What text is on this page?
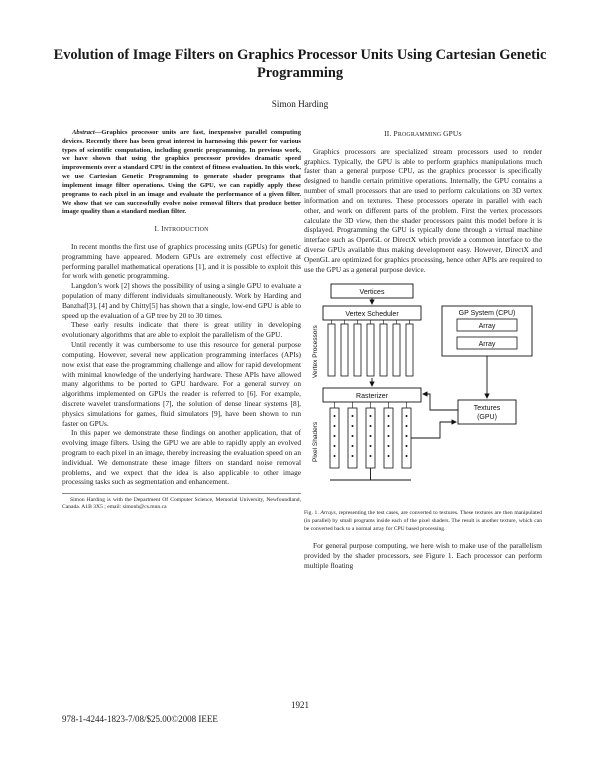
Evolution of Image Filters on Graphics Processor Units Using Cartesian Genetic Programming
Simon Harding

Abstract—Graphics processor units are fast, inexpensive parallel computing devices. Recently there has been great interest in harnessing this power for various types of scientific computation, including genetic programming. In previous work, we have shown that using the graphics processor provides dramatic speed improvements over a standard CPU in the context of fitness evaluation. In this work, we use Cartesian Genetic Programming to generate shader programs that implement image filter operations. Using the GPU, we can rapidly apply these programs to each pixel in an image and evaluate the performance of a given filter. We show that we can successfully evolve noise removal filters that produce better image quality than a standard median filter.

I. INTRODUCTION

In recent months the first use of graphics processing units (GPUs) for genetic programming have appeared. Modern GPUs are extremely cost effective at performing parallel mathematical operations [1], and it is possible to exploit this for work with genetic programming.

Langdon’s work [2] shows the possibility of using a single GPU to evaluate a population of many different individuals simultaneously. Work by Harding and Banzhaf[3], [4] and by Chitty[5] has shown that a single, low-end GPU is able to speed up the evaluation of a GP tree by 20 to 30 times.

These early results indicate that there is great utility in developing evolutionary algorithms that are able to exploit the parallelism of the GPU.

Until recently it was cumbersome to use this resource for general purpose computing. However, several new application programming interfaces (APIs) now exist that ease the programming challenge and allow for rapid development with minimal knowledge of the underlying hardware. These APIs have allowed many algorithms to be ported to GPU hardware. For a general survey on algorithms implemented on GPUs the reader is referred to [6]. For example, discrete wavelet transformations [7], the solution of dense linear systems [8], physics simulations for games, fluid simulators [9], have been shown to run faster on GPUs.

In this paper we demonstrate these findings on another application, that of evolving image filters. Using the GPU we are able to rapidly apply an evolved program to each pixel in an image, thereby increasing the evaluation speed on an individual. We demonstrate these image filters on standard noise removal problems, and we expect that the idea is also applicable to other image processing tasks such as segmentation and enhancement.

Simon Harding is with the Department Of Computer Science, Memorial University, Newfoundland, Canada. A1B 3X5 ; email: simonh@cs.mun.ca

II. PROGRAMMING GPUS

Graphics processors are specialized stream processors used to render graphics. Typically, the GPU is able to perform graphics manipulations much faster than a general purpose CPU, as the graphics processor is specifically designed to handle certain primitive operations. Internally, the GPU contains a number of small processors that are used to perform calculations on 3D vertex information and on textures. These processors operate in parallel with each other, and work on different parts of the problem. First the vertex processors calculate the 3D view, then the shader processors paint this model before it is displayed. Programming the GPU is typically done through a virtual machine interface such as OpenGL or DirectX which provide a common interface to the diverse GPUs available thus making development easy. However, DirectX and OpenGL are optimized for graphics processing, hence other APIs are required to use the GPU as a general purpose device.

Vertices
Vertex Scheduler
Vertex Processors
Rasterizer
Pixel Shaders
GP System (CPU)
Array
Array
Textures
(GPU)

Fig. 1. Arrays, representing the test cases, are converted to textures. These textures are then manipulated (in parallel) by small programs inside each of the pixel shaders. The result is another texture, which can be converted back to a normal array for CPU based processing.

For general purpose computing, we here wish to make use of the parallelism provided by the shader processors, see Figure 1. Each processor can perform multiple floating

1921
978-1-4244-1823-7/08/$25.00©2008 IEEE
